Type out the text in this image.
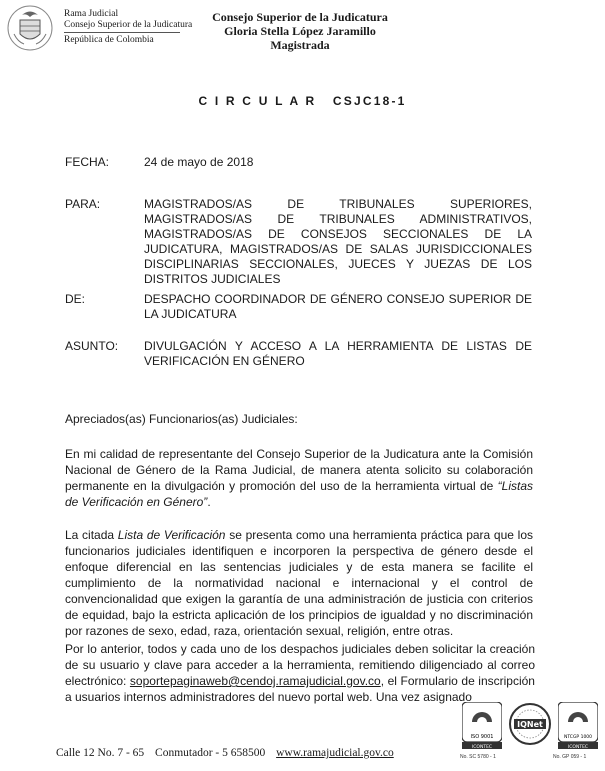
Rama Judicial
Consejo Superior de la Judicatura
República de Colombia
Consejo Superior de la Judicatura
Gloria Stella López Jaramillo
Magistrada
C I R C U L A R   CSJC18-1
FECHA:	24 de mayo de 2018
PARA:	MAGISTRADOS/AS DE TRIBUNALES SUPERIORES, MAGISTRADOS/AS DE TRIBUNALES ADMINISTRATIVOS, MAGISTRADOS/AS DE CONSEJOS SECCIONALES DE LA JUDICATURA, MAGISTRADOS/AS DE SALAS JURISDICCIONALES DISCIPLINARIAS SECCIONALES, JUECES Y JUEZAS DE LOS DISTRITOS JUDICIALES
DE:	DESPACHO COORDINADOR DE GÉNERO CONSEJO SUPERIOR DE LA JUDICATURA
ASUNTO: DIVULGACIÓN Y ACCESO A LA HERRAMIENTA DE LISTAS DE VERIFICACIÓN EN GÉNERO
Apreciados(as) Funcionarios(as) Judiciales:

En mi calidad de representante del Consejo Superior de la Judicatura ante la Comisión Nacional de Género de la Rama Judicial, de manera atenta solicito su colaboración permanente en la divulgación y promoción del uso de la herramienta virtual de “Listas de Verificación en Género”.

La citada Lista de Verificación se presenta como una herramienta práctica para que los funcionarios judiciales identifiquen e incorporen la perspectiva de género desde el enfoque diferencial en las sentencias judiciales y de esta manera se facilite el cumplimiento de la normatividad nacional e internacional y el control de convencionalidad que exigen la garantía de una administración de justicia con criterios de equidad, bajo la estricta aplicación de los principios de igualdad y no discriminación por razones de sexo, edad, raza, orientación sexual, religión, entre otras.

Por lo anterior, todos y cada uno de los despachos judiciales deben solicitar la creación de su usuario y clave para acceder a la herramienta, remitiendo diligenciado al correo electrónico: soportepaginaweb@cendoj.ramajudicial.gov.co, el Formulario de inscripción a usuarios internos administradores del nuevo portal web. Una vez asignado

ISO 9001
ICONTEC
No. SC 5780 - 1
IQNet
NTCGP 1000
ICONTEC
No. GP 059 - 1
Calle 12 No. 7 - 65 Conmutador - 5 658500 www.ramajudicial.gov.co
